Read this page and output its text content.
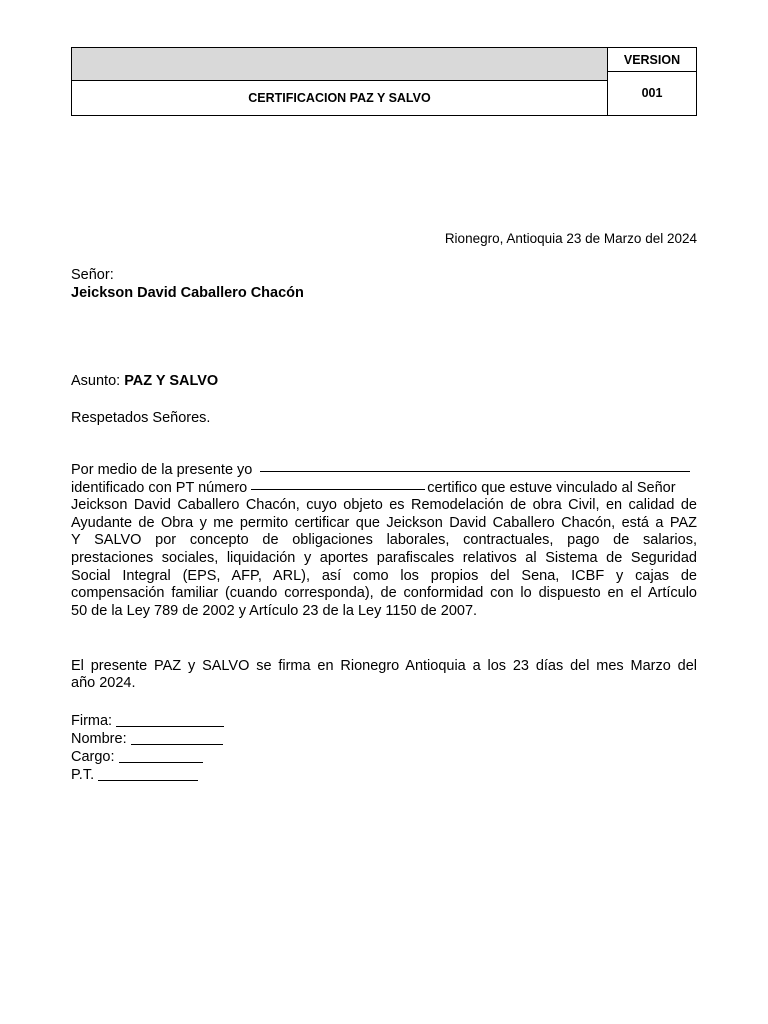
CERTIFICACION PAZ Y SALVO
VERSION
001
Rionegro, Antioquia 23 de Marzo del 2024
Señor:
Jeickson David Caballero Chacón
Asunto: PAZ Y SALVO
Respetados Señores.
Por medio de la presente yo
identificado con PT número	certifico que estuve vinculado al Señor
Jeickson David Caballero Chacón, cuyo objeto es Remodelación de obra Civil, en calidad de
Ayudante de Obra y me permito certificar que Jeickson David Caballero Chacón, está a PAZ
Y SALVO por concepto de obligaciones laborales, contractuales, pago de salarios,
prestaciones sociales, liquidación y aportes parafiscales relativos al Sistema de Seguridad
Social Integral (EPS, AFP, ARL), así como los propios del Sena, ICBF y cajas de
compensación familiar (cuando corresponda), de conformidad con lo dispuesto en el Artículo
50 de la Ley 789 de 2002 y Artículo 23 de la Ley 1150 de 2007.
El presente PAZ y SALVO se firma en Rionegro Antioquia a los 23 días del mes Marzo del
año 2024.
Firma:
Nombre:
Cargo:
P.T.
